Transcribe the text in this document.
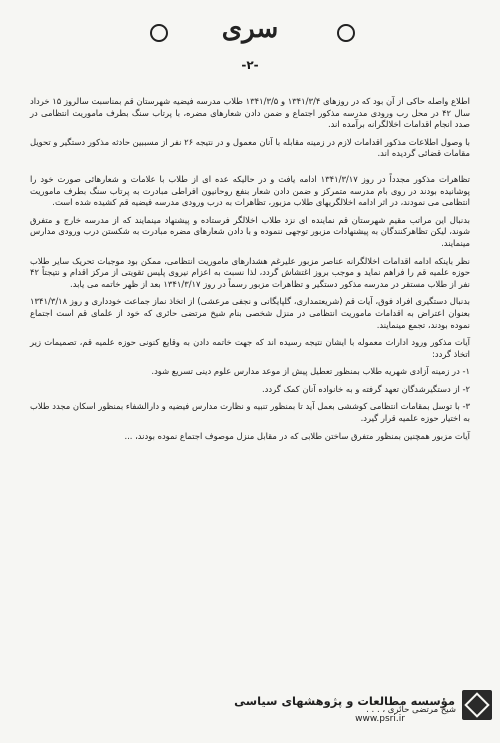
سری
-۲-

اطلاع واصله حاکی از آن بود که در روزهای ۱۳۴۱/۳/۴ و ۱۳۴۱/۳/۵ طلاب مدرسه فیضیه شهرستان قم بمناسبت سالروز ۱۵ خرداد سال ۴۲ در محل رب ورودی مدرسه مذکور اجتماع و ضمن دادن شعارهای مضره، با پرتاب سنگ بطرف ماموریت انتظامی در صدد انجام اقدامات اخلالگرانه برآمده اند.

با وصول اطلاعات مذکور اقدامات لازم در زمینه مقابله با آنان معمول و در نتیجه ۲۶ نفر از مسببین حادثه مذکور دستگیر و تحویل مقامات قضائی گردیده اند.

تظاهرات مذکور مجدداً در روز ۱۳۴۱/۳/۱۷ ادامه یافت و در حالیکه عده ای از طلاب با علامات و شعارهائی صورت خود را پوشانیده بودند در روی بام مدرسه متمرکز و ضمن دادن شعار بنفع روحانیون افراطی مبادرت به پرتاب سنگ بطرف ماموریت انتظامی می نمودند، در اثر ادامه اخلالگریهای طلاب مزبور، تظاهرات به درب ورودی مدرسه فیضیه قم کشیده شده است.

بدنبال این مراتب مقیم شهرستان قم نماینده ای نزد طلاب اخلالگر فرستاده و پیشنهاد مینمایند که از مدرسه خارج و متفرق شوند، لیکن تظاهرکنندگان به پیشنهادات مزبور توجهی ننموده و با دادن شعارهای مضره مبادرت به شکستن درب ورودی مدارس مینمایند.

نظر باینکه ادامه اقدامات اخلالگرانه عناصر مزبور علیرغم هشدارهای ماموریت انتظامی، ممکن بود موجبات تحریک سایر طلاب حوزه علمیه قم را فراهم نماید و موجب بروز اغتشاش گردد، لذا نسبت به اعزام نیروی پلیس تقویتی از مرکز اقدام و نتیجتاً ۴۲ نفر از طلاب مستقر در مدرسه مذکور دستگیر و تظاهرات مزبور رسماً در روز ۱۳۴۱/۳/۱۷ بعد از ظهر خاتمه می یابد.

بدنبال دستگیری افراد فوق، آیات قم (شریعتمداری، گلپایگانی و نجفی مرعشی) از اتخاذ نماز جماعت خودداری و روز ۱۳۴۱/۳/۱۸ بعنوان اعتراض به اقدامات ماموریت انتظامی در منزل شخصی بنام شیخ مرتضی حائری که خود از علمای قم است اجتماع نموده بودند، تجمع مینمایند.

آیات مذکور ورود ادارات معموله با ایشان نتیجه رسیده اند که جهت خاتمه دادن به وقایع کنونی حوزه علمیه قم، تصمیمات زیر اتخاذ گردد:

۱- در زمینه آزادی شهریه طلاب بمنظور تعطیل پیش از موعد مدارس علوم دینی تسریع شود.

۲- از دستگیرشدگان تعهد گرفته و به خانواده آنان کمک گردد.

۳- با توسل بمقامات انتظامی کوششی بعمل آید تا بمنظور تنبیه و نظارت مدارس فیضیه و دارالشفاء بمنظور اسکان مجدد طلاب به اختیار حوزه علمیه قرار گیرد.

آیات مزبور همچنین بمنظور متفرق ساختن طلابی که در مقابل منزل موصوف اجتماع نموده بودند، ...

شیخ مرتضی حائری ، . . .
مؤسسه مطالعات و پژوهشهای سیاسی
www.psri.ir
